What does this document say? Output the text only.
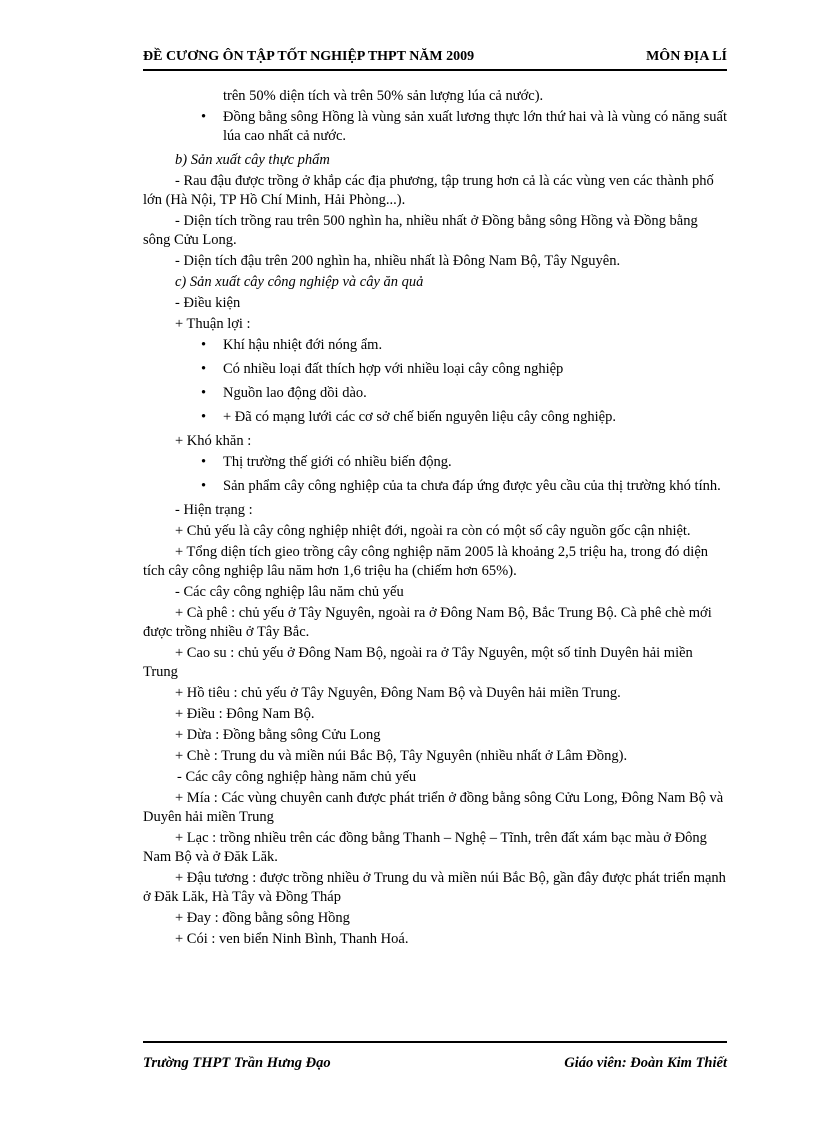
ĐỀ CƯƠNG ÔN TẬP TỐT NGHIỆP THPT NĂM 2009	MÔN ĐỊA LÍ

trên 50% diện tích và trên 50% sản lượng lúa cả nước).

• Đồng bằng sông Hồng là vùng sản xuất lương thực lớn thứ hai và là vùng có năng suất lúa cao nhất cả nước.

b) Sản xuất cây thực phẩm

- Rau đậu được trồng ở khắp các địa phương, tập trung hơn cả là các vùng ven các thành phố lớn (Hà Nội, TP Hồ Chí Minh, Hải Phòng...).

- Diện tích trồng rau trên 500 nghìn ha, nhiều nhất ở Đồng bằng sông Hồng và Đồng bằng sông Cửu Long.

- Diện tích đậu trên 200 nghìn ha, nhiều nhất là Đông Nam Bộ, Tây Nguyên.

c) Sản xuất cây công nghiệp và cây ăn quả

- Điều kiện

+ Thuận lợi :

• Khí hậu nhiệt đới nóng ẩm.
• Có nhiều loại đất thích hợp với nhiều loại cây công nghiệp
• Nguồn lao động dồi dào.
• + Đã có mạng lưới các cơ sở chế biến nguyên liệu cây công nghiệp.

+ Khó khăn :

• Thị trường thế giới có nhiều biến động.
• Sản phẩm cây công nghiệp của ta chưa đáp ứng được yêu cầu của thị trường khó tính.

- Hiện trạng :

+ Chủ yếu là cây công nghiệp nhiệt đới, ngoài ra còn có một số cây nguồn gốc cận nhiệt.

+ Tổng diện tích gieo trồng cây công nghiệp năm 2005 là khoảng 2,5 triệu ha, trong đó diện tích cây công nghiệp lâu năm hơn 1,6 triệu ha (chiếm hơn 65%).

- Các cây công nghiệp lâu năm chủ yếu

+ Cà phê : chủ yếu ở Tây Nguyên, ngoài ra ở Đông Nam Bộ, Bắc Trung Bộ. Cà phê chè mới được trồng nhiều ở Tây Bắc.

+ Cao su : chủ yếu ở Đông Nam Bộ, ngoài ra ở Tây Nguyên, một số tỉnh Duyên hải miền Trung

+ Hồ tiêu : chủ yếu ở Tây Nguyên, Đông Nam Bộ và Duyên hải miền Trung.

+ Điều : Đông Nam Bộ.

+ Dừa : Đồng bằng sông Cửu Long

+ Chè : Trung du và miền núi Bắc Bộ, Tây Nguyên (nhiều nhất ở Lâm Đồng).

- Các cây công nghiệp hàng năm chủ yếu

+ Mía : Các vùng chuyên canh được phát triển ở đồng bằng sông Cửu Long, Đông Nam Bộ và Duyên hải miền Trung

+ Lạc : trồng nhiều trên các đồng bằng Thanh – Nghệ – Tĩnh, trên đất xám bạc màu ở Đông Nam Bộ và ở Đăk Lăk.

+ Đậu tương : được trồng nhiều ở Trung du và miền núi Bắc Bộ, gần đây được phát triển mạnh ở Đăk Lăk, Hà Tây và Đồng Tháp

+ Đay : đồng bằng sông Hồng

+ Cói : ven biển Ninh Bình, Thanh Hoá.

Trường THPT Trần Hưng Đạo	Giáo viên: Đoàn Kim Thiết
